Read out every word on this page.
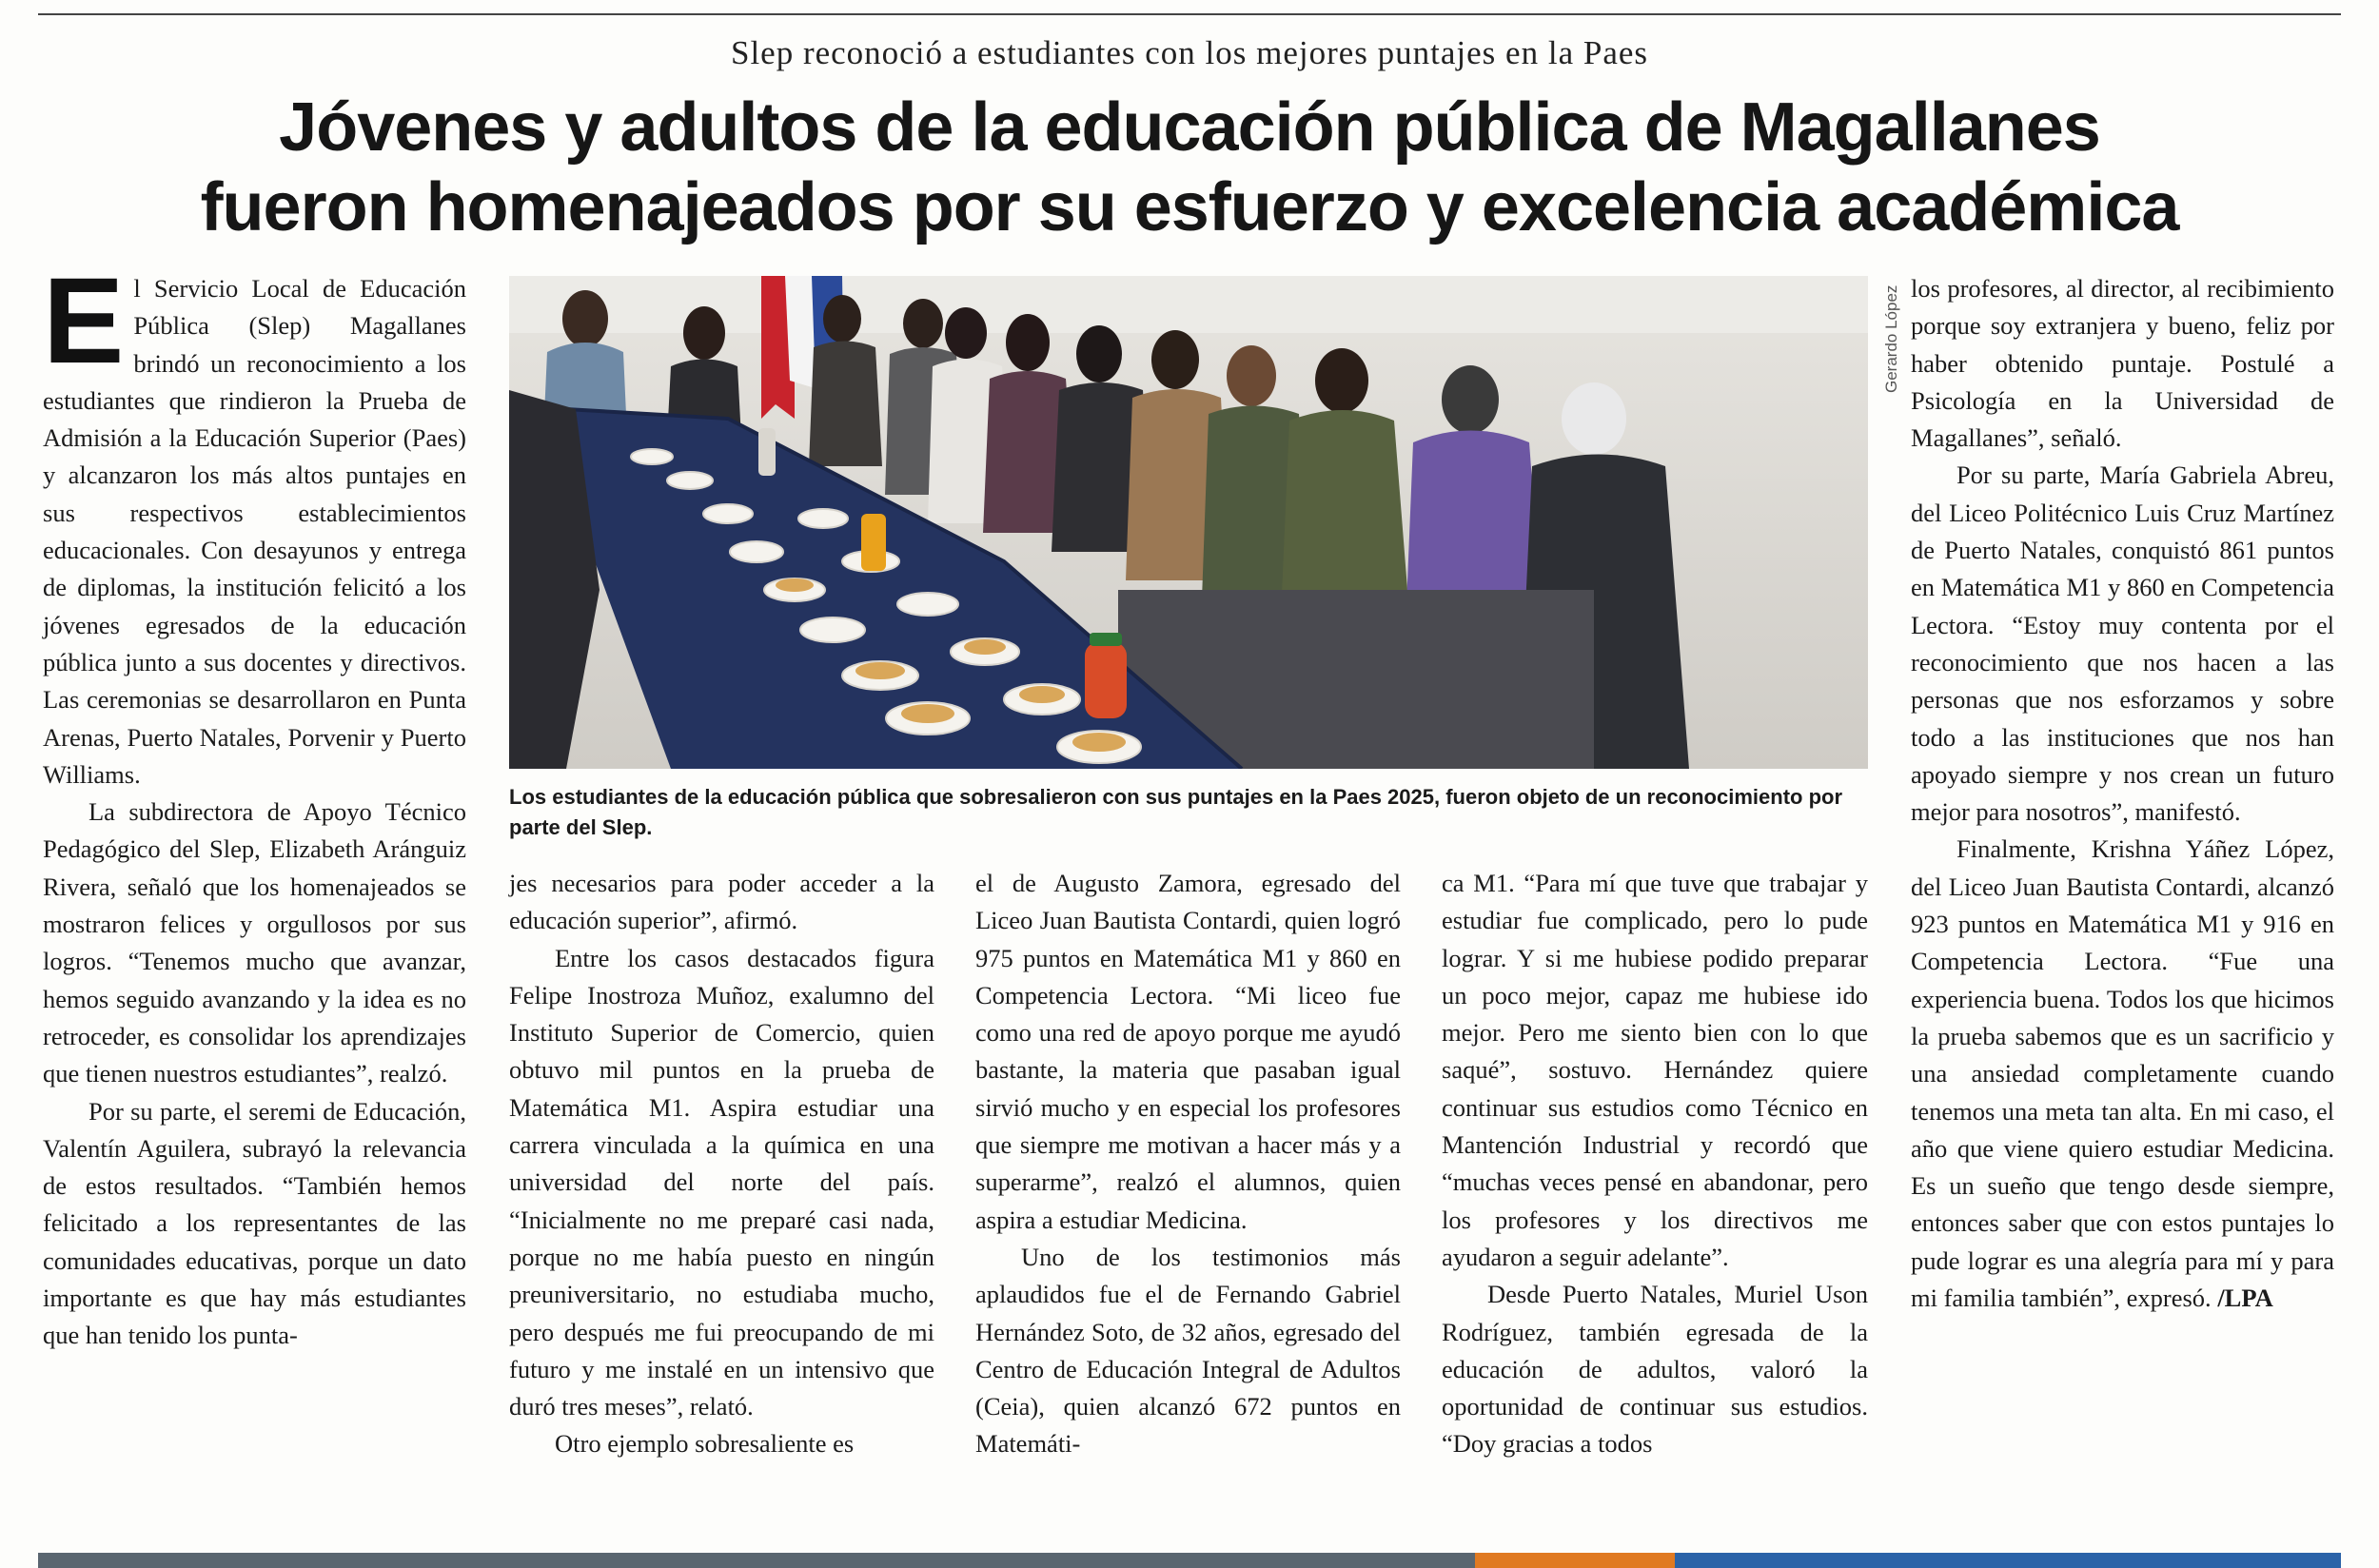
Slep reconoció a estudiantes con los mejores puntajes en la Paes
Jóvenes y adultos de la educación pública de Magallanes
fueron homenajeados por su esfuerzo y excelencia académica
E l Servicio Local de Educación Pública (Slep) Magallanes brindó un reconocimiento a los estudiantes que rindieron la Prueba de Admisión a la Educación Superior (Paes) y alcanzaron los más altos puntajes en sus respectivos establecimientos educacionales. Con desayunos y entrega de diplomas, la institución felicitó a los jóvenes egresados de la educación pública junto a sus docentes y directivos. Las ceremonias se desarrollaron en Punta Arenas, Puerto Natales, Porvenir y Puerto Williams.

La subdirectora de Apoyo Técnico Pedagógico del Slep, Elizabeth Aránguiz Rivera, señaló que los homenajeados se mostraron felices y orgullosos por sus logros. “Tenemos mucho que avanzar, hemos seguido avanzando y la idea es no retroceder, es consolidar los aprendizajes que tienen nuestros estudiantes”, realzó.

Por su parte, el seremi de Educación, Valentín Aguilera, subrayó la relevancia de estos resultados. “También hemos felicitado a los representantes de las comunidades educativas, porque un dato importante es que hay más estudiantes que han tenido los punta-

Gerardo López
Los estudiantes de la educación pública que sobresalieron con sus puntajes en la Paes 2025, fueron objeto de un reconocimiento por parte del Slep.

jes necesarios para poder acceder a la educación superior”, afirmó.

Entre los casos destacados figura Felipe Inostroza Muñoz, exalumno del Instituto Superior de Comercio, quien obtuvo mil puntos en la prueba de Matemática M1. Aspira estudiar una carrera vinculada a la química en una universidad del norte del país. “Inicialmente no me preparé casi nada, porque no me había puesto en ningún preuniversitario, no estudiaba mucho, pero después me fui preocupando de mi futuro y me instalé en un intensivo que duró tres meses”, relató.

Otro ejemplo sobresaliente es

el de Augusto Zamora, egresado del Liceo Juan Bautista Contardi, quien logró 975 puntos en Matemática M1 y 860 en Competencia Lectora. “Mi liceo fue como una red de apoyo porque me ayudó bastante, la materia que pasaban igual sirvió mucho y en especial los profesores que siempre me motivan a hacer más y a superarme”, realzó el alumnos, quien aspira a estudiar Medicina.

Uno de los testimonios más aplaudidos fue el de Fernando Gabriel Hernández Soto, de 32 años, egresado del Centro de Educación Integral de Adultos (Ceia), quien alcanzó 672 puntos en Matemáti-

ca M1. “Para mí que tuve que trabajar y estudiar fue complicado, pero lo pude lograr. Y si me hubiese podido preparar un poco mejor, capaz me hubiese ido mejor. Pero me siento bien con lo que saqué”, sostuvo. Hernández quiere continuar sus estudios como Técnico en Mantención Industrial y recordó que “muchas veces pensé en abandonar, pero los profesores y los directivos me ayudaron a seguir adelante”.

Desde Puerto Natales, Muriel Uson Rodríguez, también egresada de la educación de adultos, valoró la oportunidad de continuar sus estudios. “Doy gracias a todos

los profesores, al director, al recibimiento porque soy extranjera y bueno, feliz por haber obtenido puntaje. Postulé a Psicología en la Universidad de Magallanes”, señaló.

Por su parte, María Gabriela Abreu, del Liceo Politécnico Luis Cruz Martínez de Puerto Natales, conquistó 861 puntos en Matemática M1 y 860 en Competencia Lectora. “Estoy muy contenta por el reconocimiento que nos hacen a las personas que nos esforzamos y sobre todo a las instituciones que nos han apoyado siempre y nos crean un futuro mejor para nosotros”, manifestó.

Finalmente, Krishna Yáñez López, del Liceo Juan Bautista Contardi, alcanzó 923 puntos en Matemática M1 y 916 en Competencia Lectora. “Fue una experiencia buena. Todos los que hicimos la prueba sabemos que es un sacrificio y una ansiedad completamente cuando tenemos una meta tan alta. En mi caso, el año que viene quiero estudiar Medicina. Es un sueño que tengo desde siempre, entonces saber que con estos puntajes lo pude lograr es una alegría para mí y para mi familia también”, expresó. /LPA
